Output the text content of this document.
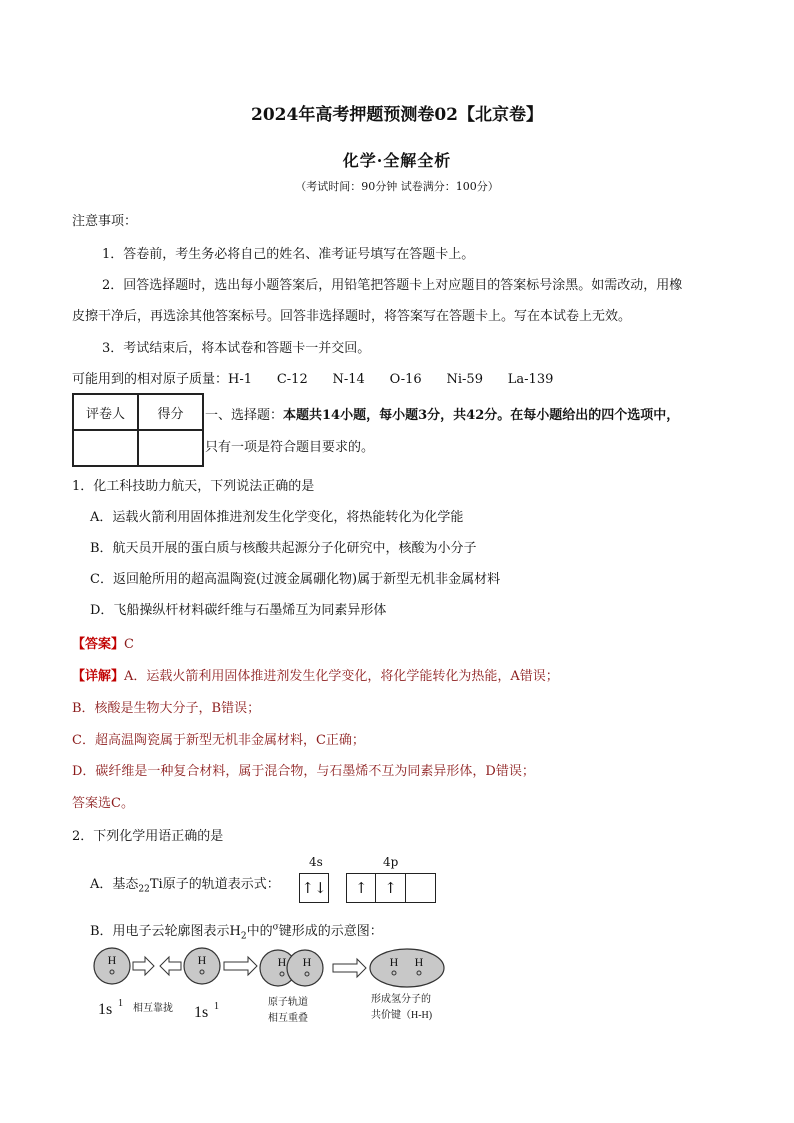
2024年高考押题预测卷02【北京卷】
化学·全解全析
（考试时间：90分钟 试卷满分：100分）
注意事项：
1．答卷前，考生务必将自己的姓名、准考证号填写在答题卡上。
2．回答选择题时，选出每小题答案后，用铅笔把答题卡上对应题目的答案标号涂黑。如需改动，用橡
皮擦干净后，再选涂其他答案标号。回答非选择题时，将答案写在答题卡上。写在本试卷上无效。
3．考试结束后，将本试卷和答题卡一并交回。
可能用到的相对原子质量：H-1 C-12 N-14 O-16 Ni-59 La-139
评卷人	得分
	一、选择题：本题共14小题，每小题3分，共42分。在每小题给出的四个选项中，
只有一项是符合题目要求的。
1．化工科技助力航天，下列说法正确的是
A．运载火箭利用固体推进剂发生化学变化，将热能转化为化学能
B．航天员开展的蛋白质与核酸共起源分子化研究中，核酸为小分子
C．返回舱所用的超高温陶瓷(过渡金属硼化物)属于新型无机非金属材料
D．飞船操纵杆材料碳纤维与石墨烯互为同素异形体
【答案】C
【详解】A．运载火箭利用固体推进剂发生化学变化，将化学能转化为热能，A错误；
B．核酸是生物大分子，B错误；
C．超高温陶瓷属于新型无机非金属材料，C正确；
D．碳纤维是一种复合材料，属于混合物，与石墨烯不互为同素异形体，D错误；
答案选C。
2．下列化学用语正确的是
A．基态$_{22}$Ti原子的轨道表示式：
4s	4p
↑↓	↑	↑
B．用电子云轮廓图表示$H_2$中的$^\sigma$键形成的示意图：
H	H	H H	H H
1s 1 相互靠拢 1s 1	原子轨道
相互重叠
形成氢分子的
共价键（H-H)
